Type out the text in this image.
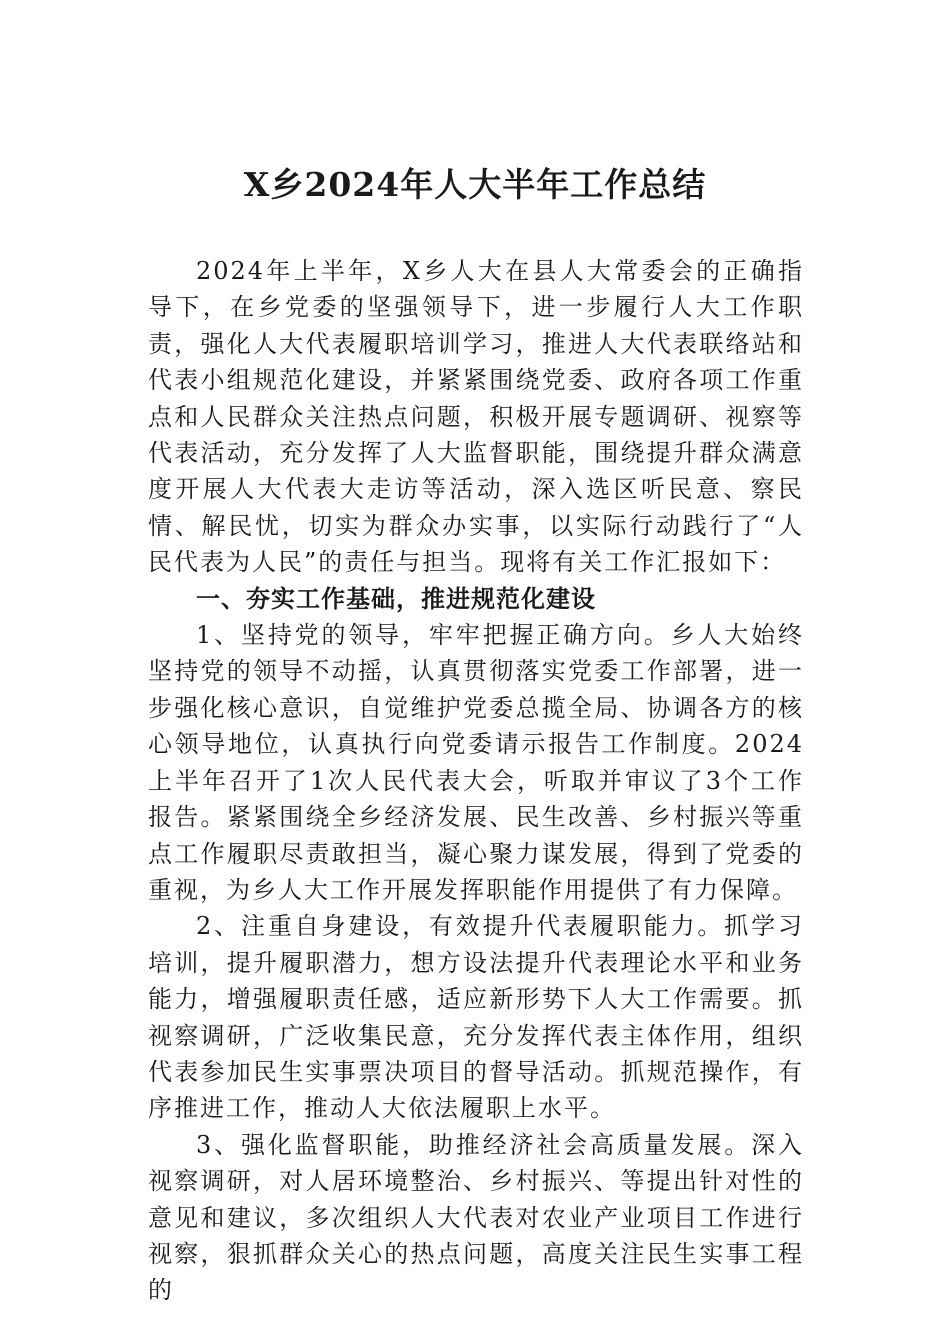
X乡2024年人大半年工作总结

2024年上半年，X乡人大在县人大常委会的正确指导下，在乡党委的坚强领导下，进一步履行人大工作职责，强化人大代表履职培训学习，推进人大代表联络站和代表小组规范化建设，并紧紧围绕党委、政府各项工作重点和人民群众关注热点问题，积极开展专题调研、视察等代表活动，充分发挥了人大监督职能，围绕提升群众满意度开展人大代表大走访等活动，深入选区听民意、察民情、解民忧，切实为群众办实事，以实际行动践行了“人民代表为人民”的责任与担当。现将有关工作汇报如下：

一、夯实工作基础，推进规范化建设

1、坚持党的领导，牢牢把握正确方向。乡人大始终坚持党的领导不动摇，认真贯彻落实党委工作部署，进一步强化核心意识，自觉维护党委总揽全局、协调各方的核心领导地位，认真执行向党委请示报告工作制度。2024上半年召开了1次人民代表大会，听取并审议了3个工作报告。紧紧围绕全乡经济发展、民生改善、乡村振兴等重点工作履职尽责敢担当，凝心聚力谋发展，得到了党委的重视，为乡人大工作开展发挥职能作用提供了有力保障。

2、注重自身建设，有效提升代表履职能力。抓学习培训，提升履职潜力，想方设法提升代表理论水平和业务能力，增强履职责任感，适应新形势下人大工作需要。抓视察调研，广泛收集民意，充分发挥代表主体作用，组织代表参加民生实事票决项目的督导活动。抓规范操作，有序推进工作，推动人大依法履职上水平。

3、强化监督职能，助推经济社会高质量发展。深入视察调研，对人居环境整治、乡村振兴、等提出针对性的意见和建议，多次组织人大代表对农业产业项目工作进行视察，狠抓群众关心的热点问题，高度关注民生实事工程的
